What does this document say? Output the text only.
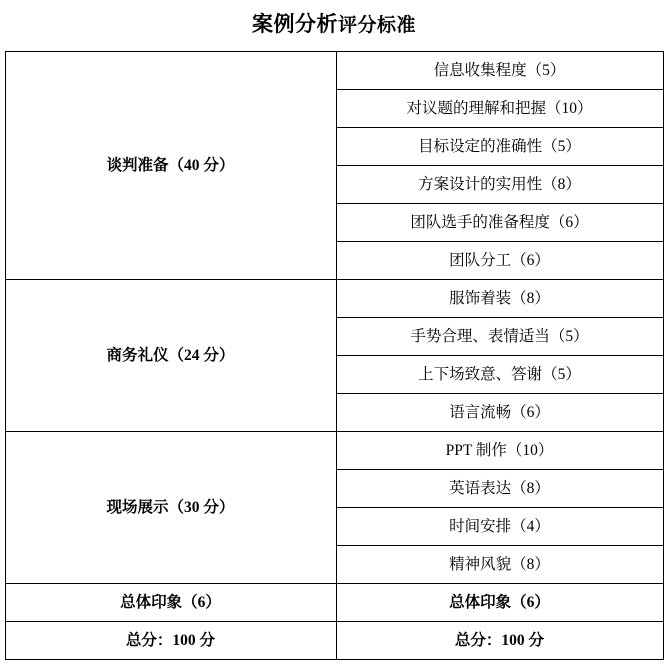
案例分析评分标准
谈判准备（40 分）	信息收集程度（5）
	对议题的理解和把握（10）
	目标设定的准确性（5）
	方案设计的实用性（8）
	团队选手的准备程度（6）
	团队分工（6）
商务礼仪（24 分）	服饰着装（8）
	手势合理、表情适当（5）
	上下场致意、答谢（5）
	语言流畅（6）
现场展示（30 分）	PPT 制作（10）
	英语表达（8）
	时间安排（4）
	精神风貌（8）
总体印象（6）	总体印象（6）
总分：100 分	总分：100 分
